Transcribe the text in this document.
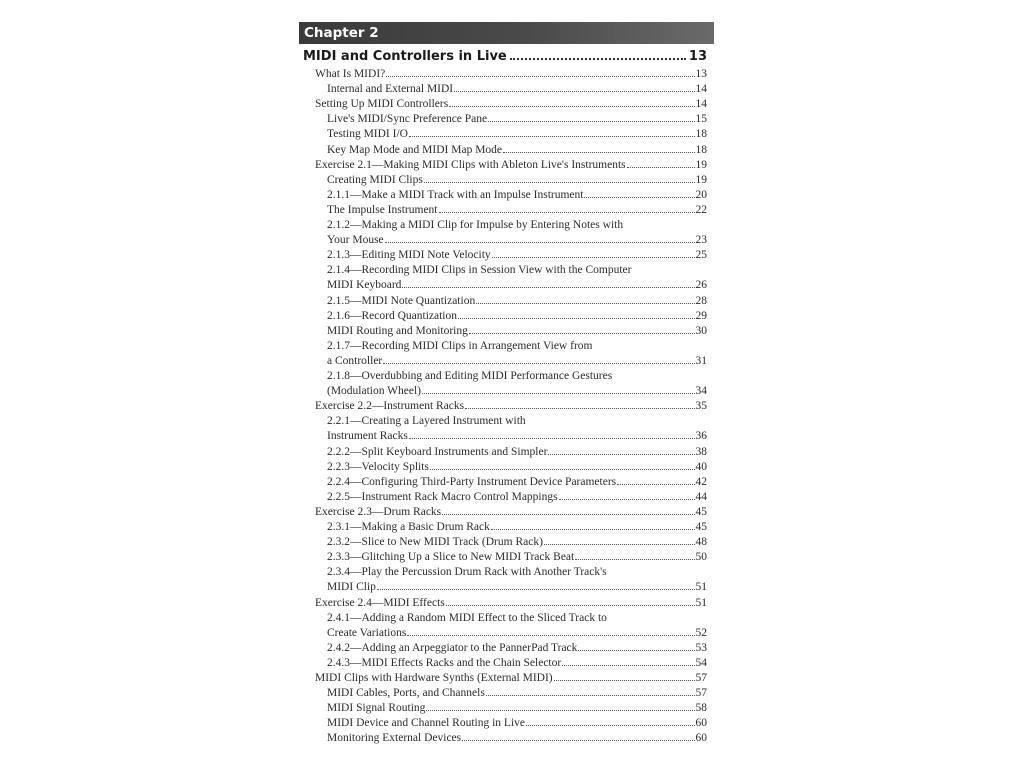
Chapter 2
MIDI and Controllers in Live	13
What Is MIDI?	13
Internal and External MIDI	14
Setting Up MIDI Controllers	14
Live's MIDI/Sync Preference Pane	15
Testing MIDI I/O	18
Key Map Mode and MIDI Map Mode	18
Exercise 2.1—Making MIDI Clips with Ableton Live's Instruments	19
Creating MIDI Clips	19
2.1.1—Make a MIDI Track with an Impulse Instrument	20
The Impulse Instrument	22
2.1.2—Making a MIDI Clip for Impulse by Entering Notes with
Your Mouse	23
2.1.3—Editing MIDI Note Velocity	25
2.1.4—Recording MIDI Clips in Session View with the Computer
MIDI Keyboard	26
2.1.5—MIDI Note Quantization	28
2.1.6—Record Quantization	29
MIDI Routing and Monitoring	30
2.1.7—Recording MIDI Clips in Arrangement View from
a Controller	31
2.1.8—Overdubbing and Editing MIDI Performance Gestures
(Modulation Wheel)	34
Exercise 2.2—Instrument Racks	35
2.2.1—Creating a Layered Instrument with
Instrument Racks	36
2.2.2—Split Keyboard Instruments and Simpler	38
2.2.3—Velocity Splits	40
2.2.4—Configuring Third-Party Instrument Device Parameters	42
2.2.5—Instrument Rack Macro Control Mappings	44
Exercise 2.3—Drum Racks	45
2.3.1—Making a Basic Drum Rack	45
2.3.2—Slice to New MIDI Track (Drum Rack)	48
2.3.3—Glitching Up a Slice to New MIDI Track Beat	50
2.3.4—Play the Percussion Drum Rack with Another Track's
MIDI Clip	51
Exercise 2.4—MIDI Effects	51
2.4.1—Adding a Random MIDI Effect to the Sliced Track to
Create Variations	52
2.4.2—Adding an Arpeggiator to the PannerPad Track	53
2.4.3—MIDI Effects Racks and the Chain Selector	54
MIDI Clips with Hardware Synths (External MIDI)	57
MIDI Cables, Ports, and Channels	57
MIDI Signal Routing	58
MIDI Device and Channel Routing in Live	60
Monitoring External Devices	60
